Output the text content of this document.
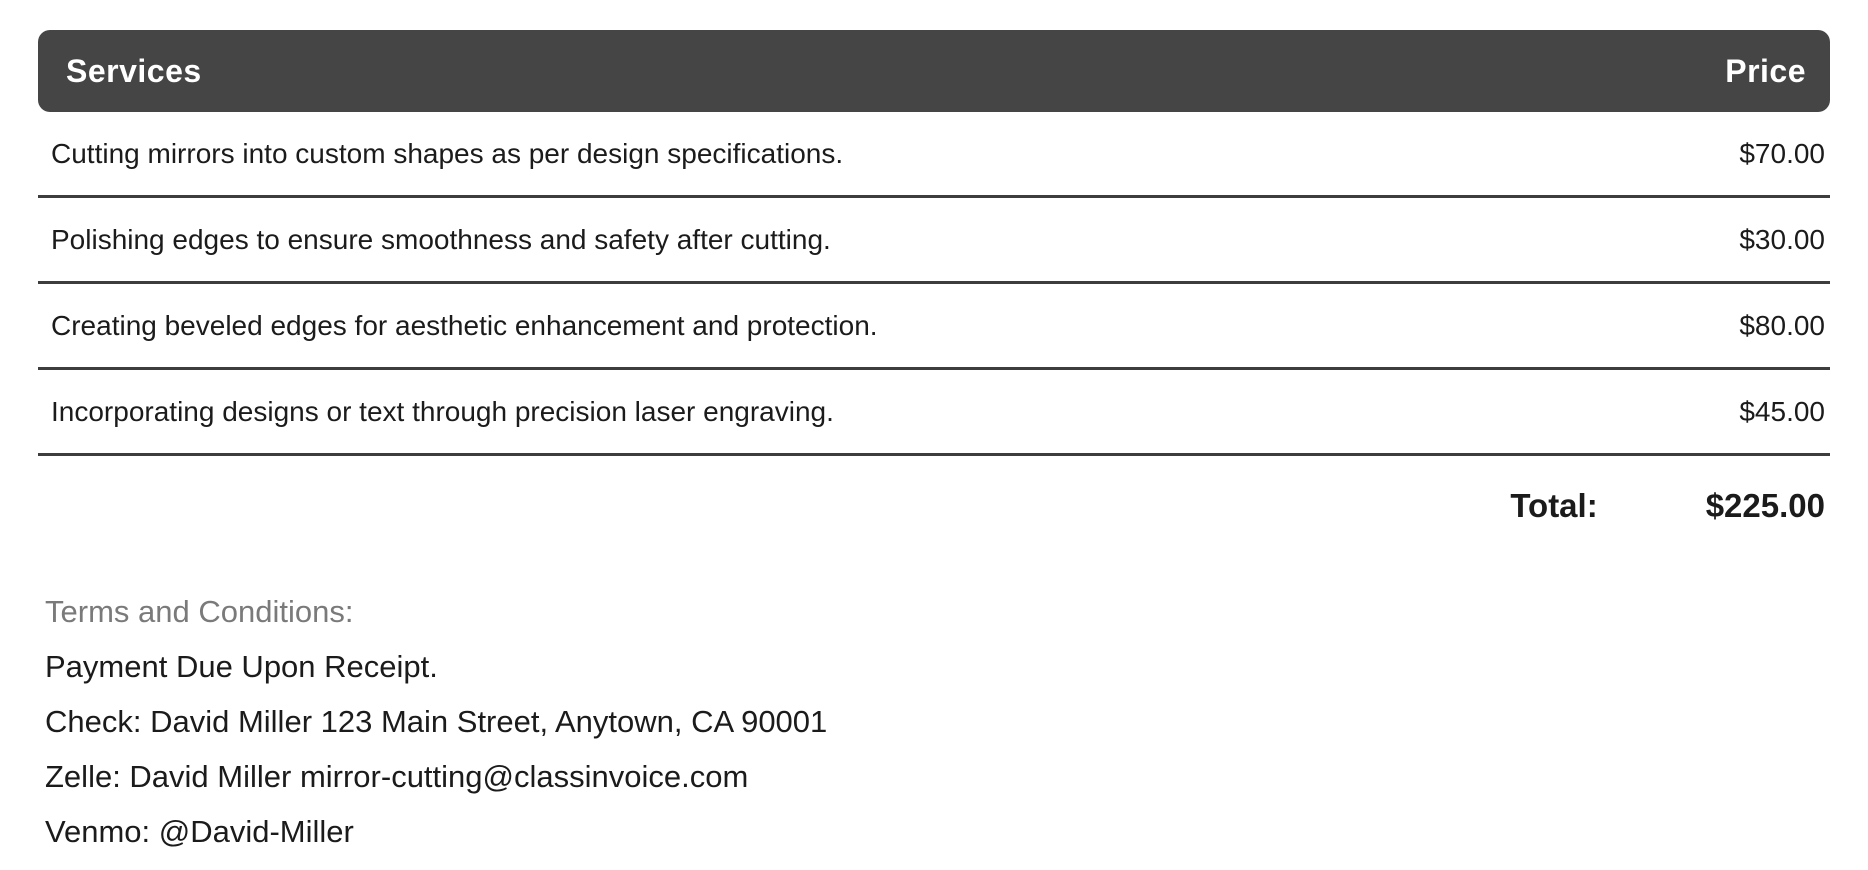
Services	Price
Cutting mirrors into custom shapes as per design specifications.	$70.00
Polishing edges to ensure smoothness and safety after cutting.	$30.00
Creating beveled edges for aesthetic enhancement and protection.	$80.00
Incorporating designs or text through precision laser engraving.	$45.00
Total:	$225.00
Terms and Conditions:
Payment Due Upon Receipt.
Check: David Miller 123 Main Street, Anytown, CA 90001
Zelle: David Miller mirror-cutting@classinvoice.com
Venmo: @David-Miller
